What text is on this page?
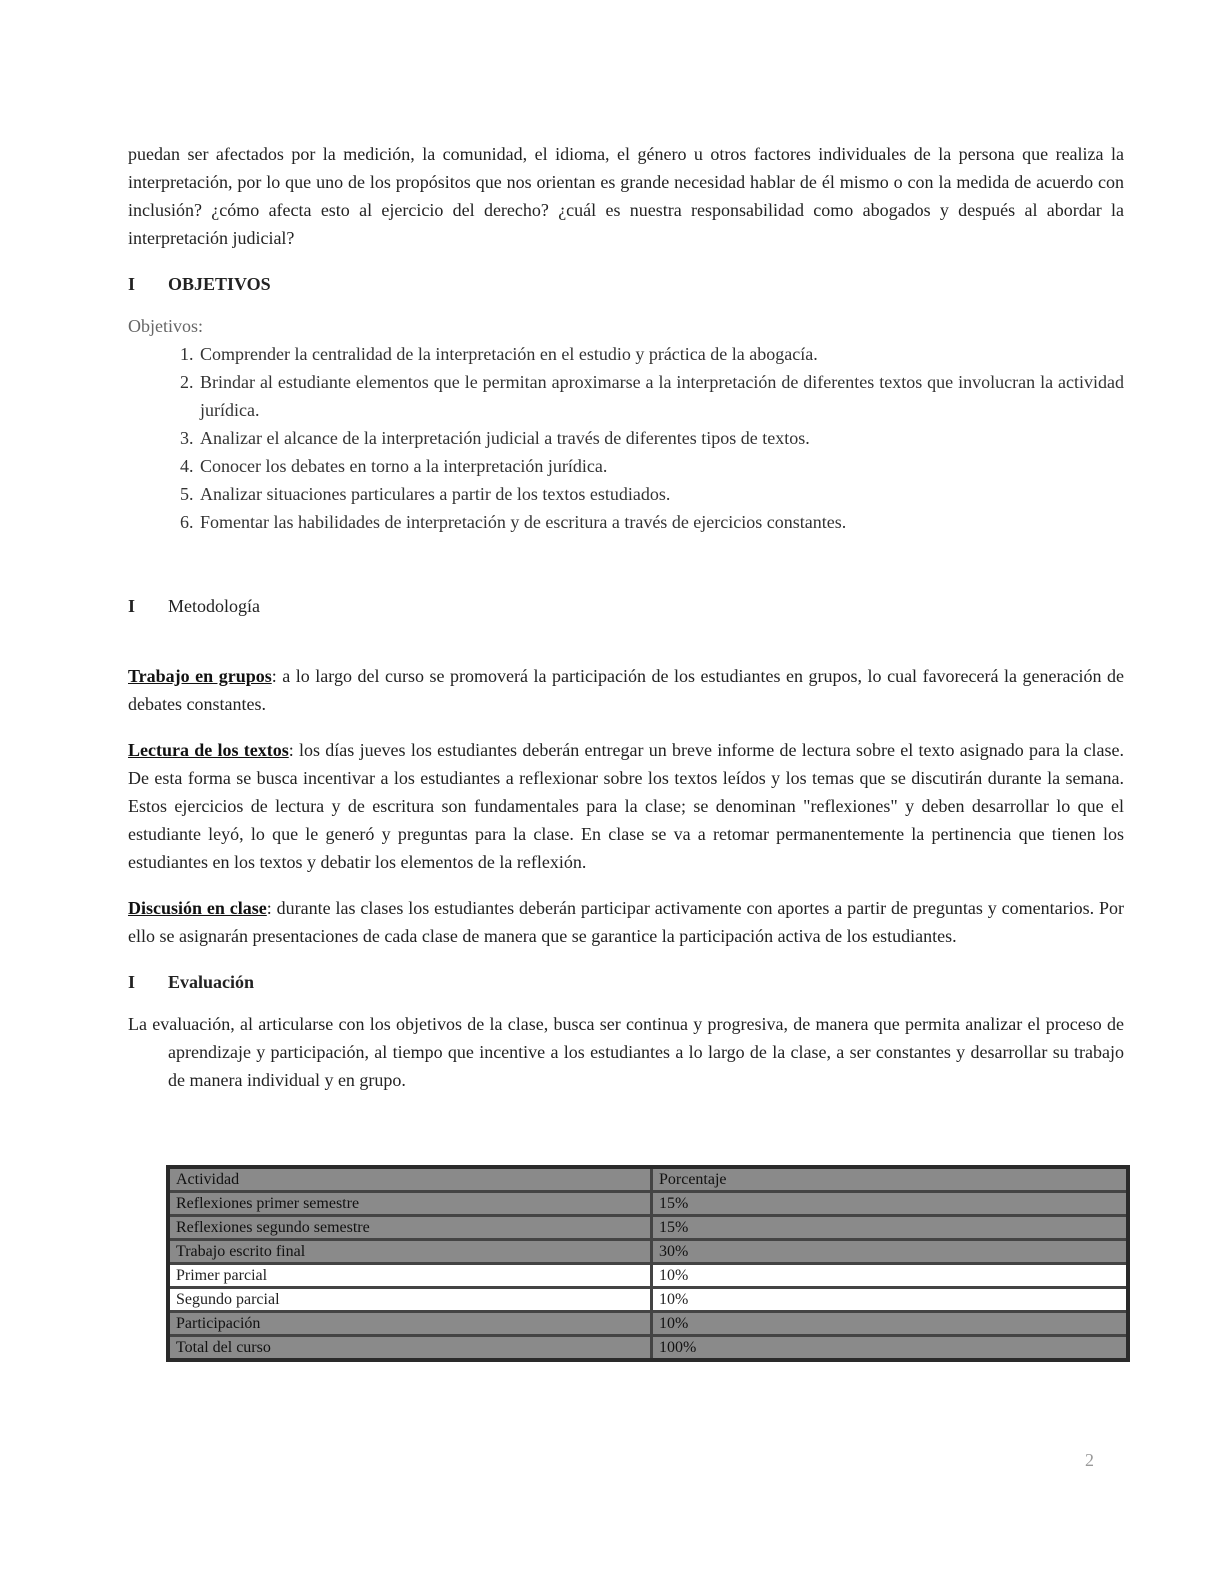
puedan ser afectados por la medición, la comunidad, el idioma, el género u otros factores individuales de la persona que realiza la interpretación, por lo que uno de los propósitos que nos orientan es grande necesidad hablar de él mismo o con la medida de acuerdo con inclusión? ¿cómo afecta esto al ejercicio del derecho? ¿cuál es nuestra responsabilidad como abogados y después al abordar la interpretación judicial?

I	OBJETIVOS
Objetivos:
1. Comprender la centralidad de la interpretación en el estudio y práctica de la abogacía.
2. Brindar al estudiante elementos que le permitan aproximarse a la interpretación de diferentes textos que involucran la actividad jurídica.
3. Analizar el alcance de la interpretación judicial a través de diferentes tipos de textos.
4. Conocer los debates en torno a la interpretación jurídica.
5. Analizar situaciones particulares a partir de los textos estudiados.
6. Fomentar las habilidades de interpretación y de escritura a través de ejercicios constantes.
I	Metodología

Trabajo en grupos: a lo largo del curso se promoverá la participación de los estudiantes en grupos, lo cual favorecerá la generación de debates constantes.

Lectura de los textos: los días jueves los estudiantes deberán entregar un breve informe de lectura sobre el texto asignado para la clase. De esta forma se busca incentivar a los estudiantes a reflexionar sobre los textos leídos y los temas que se discutirán durante la semana. Estos ejercicios de lectura y de escritura son fundamentales para la clase; se denominan "reflexiones" y deben desarrollar lo que el estudiante leyó, lo que le generó y preguntas para la clase. En clase se va a retomar permanentemente la pertinencia que tienen los estudiantes en los textos y debatir los elementos de la reflexión.

Discusión en clase: durante las clases los estudiantes deberán participar activamente con aportes a partir de preguntas y comentarios. Por ello se asignarán presentaciones de cada clase de manera que se garantice la participación activa de los estudiantes.

I	Evaluación

La evaluación, al articularse con los objetivos de la clase, busca ser continua y progresiva, de manera que permita analizar el proceso de aprendizaje y participación, al tiempo que incentive a los estudiantes a lo largo de la clase, a ser constantes y desarrollar su trabajo de manera individual y en grupo.

Actividad	Porcentaje
Reflexiones primer semestre	15%
Reflexiones segundo semestre	15%
Trabajo escrito final	30%
Primer parcial	10%
Segundo parcial	10%
Participación	10%
Total del curso	100%
2
